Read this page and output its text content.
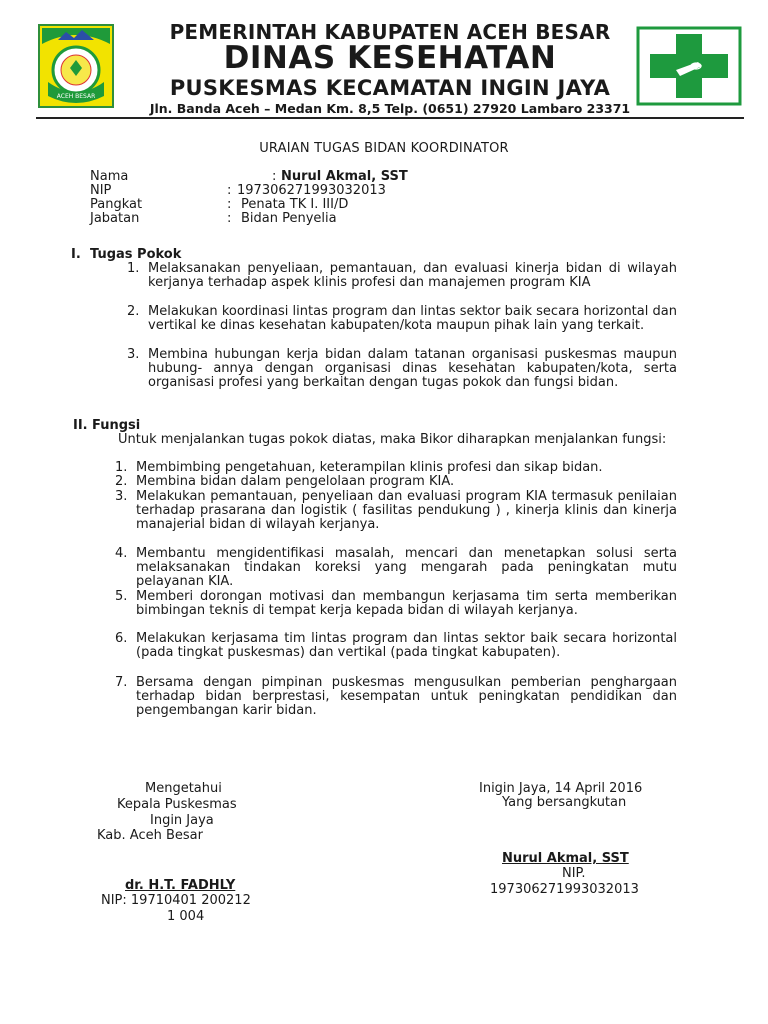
ACEH BESAR
PEMERINTAH KABUPATEN ACEH BESAR
DINAS KESEHATAN
PUSKESMAS KECAMATAN INGIN JAYA
Jln. Banda Aceh – Medan Km. 8,5 Telp. (0651) 27920 Lambaro 23371
URAIAN TUGAS BIDAN KOORDINATOR
Nama	: Nurul Akmal, SST
NIP	: 197306271993032013
Pangkat	: Penata TK I. III/D
Jabatan	: Bidan Penyelia
I. Tugas Pokok
1. Melaksanakan penyeliaan, pemantauan, dan evaluasi kinerja bidan di wilayah kerjanya terhadap aspek klinis profesi dan manajemen program KIA
2. Melakukan koordinasi lintas program dan lintas sektor baik secara horizontal dan vertikal ke dinas kesehatan kabupaten/kota maupun pihak lain yang terkait.
3. Membina hubungan kerja bidan dalam tatanan organisasi puskesmas maupun hubung- annya dengan organisasi dinas kesehatan kabupaten/kota, serta organisasi profesi yang berkaitan dengan tugas pokok dan fungsi bidan.
II. Fungsi
Untuk menjalankan tugas pokok diatas, maka Bikor diharapkan menjalankan fungsi:
1. Membimbing pengetahuan, keterampilan klinis profesi dan sikap bidan.
2. Membina bidan dalam pengelolaan program KIA.
3. Melakukan pemantauan, penyeliaan dan evaluasi program KIA termasuk penilaian terhadap prasarana dan logistik ( fasilitas pendukung ) , kinerja klinis dan kinerja manajerial bidan di wilayah kerjanya.
4. Membantu mengidentifikasi masalah, mencari dan menetapkan solusi serta melaksanakan tindakan koreksi yang mengarah pada peningkatan mutu pelayanan KIA.
5. Memberi dorongan motivasi dan membangun kerjasama tim serta memberikan bimbingan teknis di tempat kerja kepada bidan di wilayah kerjanya.
6. Melakukan kerjasama tim lintas program dan lintas sektor baik secara horizontal (pada tingkat puskesmas) dan vertikal (pada tingkat kabupaten).
7. Bersama dengan pimpinan puskesmas mengusulkan pemberian penghargaan terhadap bidan berprestasi, kesempatan untuk peningkatan pendidikan dan pengembangan karir bidan.
Mengetahui
Kepala Puskesmas
Ingin Jaya
Kab. Aceh Besar
dr. H.T. FADHLY
NIP: 19710401 200212
1 004
Inigin Jaya, 14 April 2016
Yang bersangkutan
Nurul Akmal, SST
NIP.
197306271993032013
